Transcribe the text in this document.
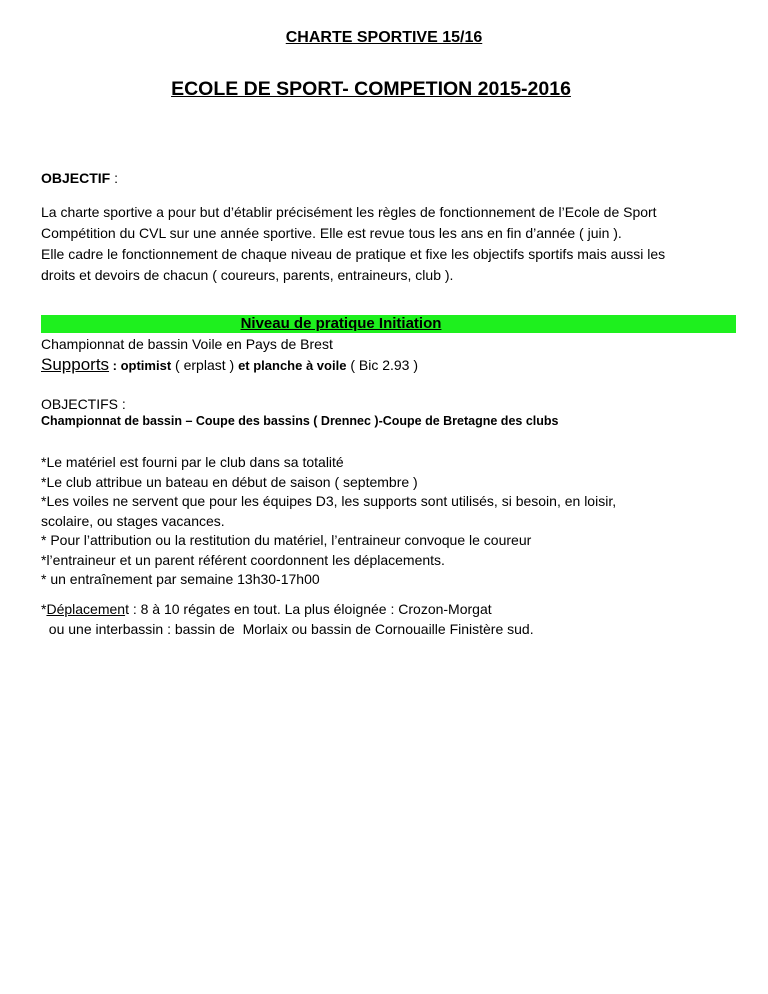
CHARTE SPORTIVE 15/16
ECOLE DE SPORT- COMPETION 2015-2016
OBJECTIF :

La charte sportive a pour but d’établir précisément les règles de fonctionnement de l’Ecole de Sport

Compétition du CVL sur une année sportive. Elle est revue tous les ans en fin d’année ( juin ).

Elle cadre le fonctionnement de chaque niveau de pratique et fixe les objectifs sportifs mais aussi les

droits et devoirs de chacun ( coureurs, parents, entraineurs, club ).

Niveau de pratique Initiation
Championnat de bassin Voile en Pays de Brest
Supports : optimist ( erplast ) et planche à voile ( Bic 2.93 )
OBJECTIFS :
Championnat de bassin – Coupe des bassins ( Drennec )-Coupe de Bretagne des clubs

*Le matériel est fourni par le club dans sa totalité

*Le club attribue un bateau en début de saison ( septembre )

*Les voiles ne servent que pour les équipes D3, les supports sont utilisés, si besoin, en loisir,

scolaire, ou stages vacances.

* Pour l’attribution ou la restitution du matériel, l’entraineur convoque le coureur

*l’entraineur et un parent référent coordonnent les déplacements.

* un entraînement par semaine 13h30-17h00

*Déplacement : 8 à 10 régates en tout. La plus éloignée : Crozon-Morgat

ou une interbassin : bassin de  Morlaix ou bassin de Cornouaille Finistère sud.
